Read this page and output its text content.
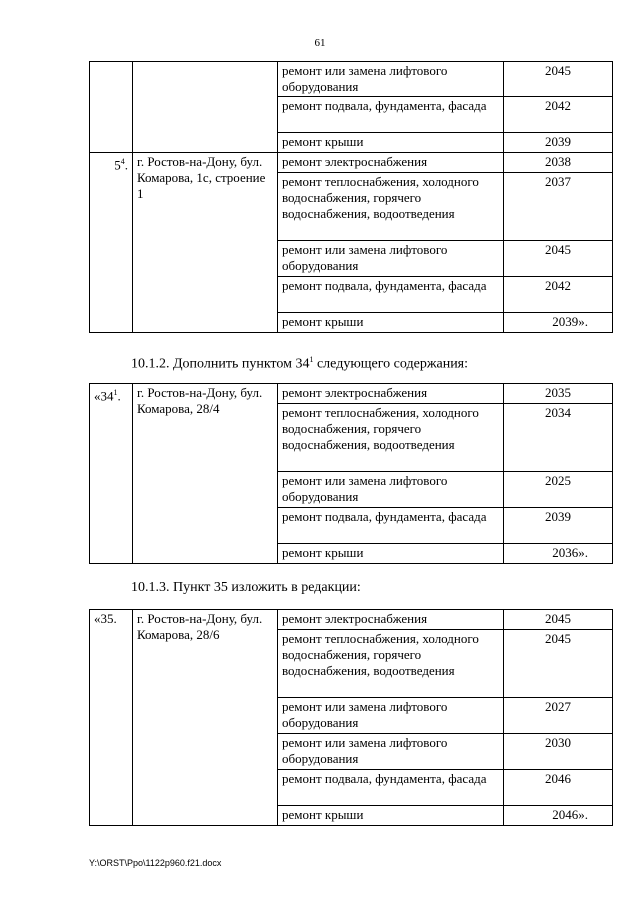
61
		ремонт или замена лифтового оборудования	2045
		ремонт подвала, фундамента, фасада	2042
		ремонт крыши	2039
$5^4$.	г. Ростов-на-Дону, бул. Комарова, 1с, строение 1	ремонт электроснабжения	2038
		ремонт теплоснабжения, холодного водоснабжения, горячего водоснабжения, водоотведения	2037
		ремонт или замена лифтового оборудования	2045
		ремонт подвала, фундамента, фасада	2042
		ремонт крыши	2039».
10.1.2. Дополнить пунктом $34^1$ следующего содержания:
«$34^1$.	г. Ростов-на-Дону, бул. Комарова, 28/4	ремонт электроснабжения	2035
		ремонт теплоснабжения, холодного водоснабжения, горячего водоснабжения, водоотведения	2034
		ремонт или замена лифтового оборудования	2025
		ремонт подвала, фундамента, фасада	2039
		ремонт крыши	2036».
10.1.3. Пункт 35 изложить в редакции:
«35.	г. Ростов-на-Дону, бул. Комарова, 28/6	ремонт электроснабжения	2045
		ремонт теплоснабжения, холодного водоснабжения, горячего водоснабжения, водоотведения	2045
		ремонт или замена лифтового оборудования	2027
		ремонт или замена лифтового оборудования	2030
		ремонт подвала, фундамента, фасада	2046
		ремонт крыши	2046».
Y:\ORST\Ppo\1122p960.f21.docx
